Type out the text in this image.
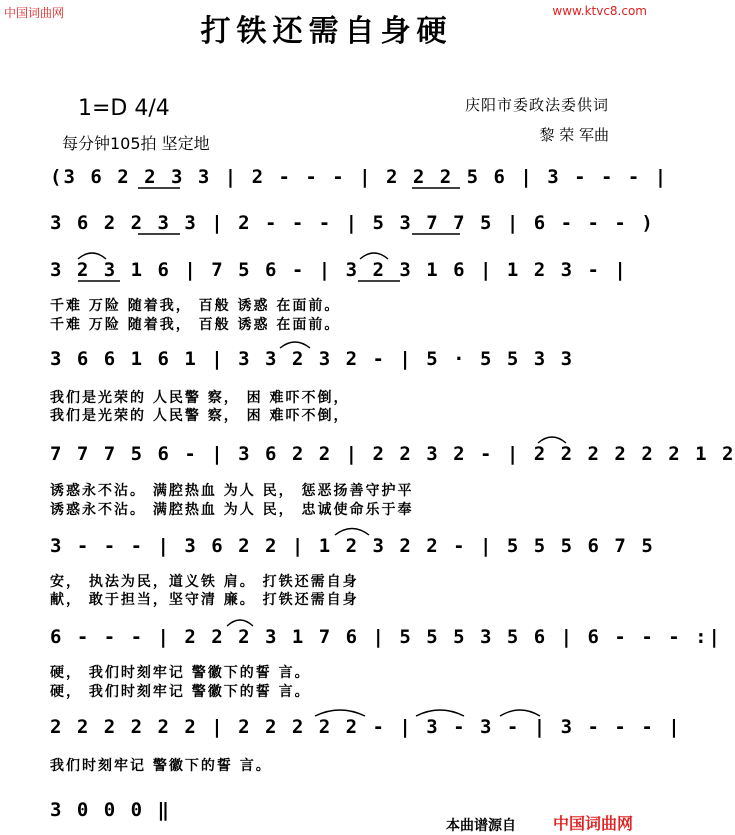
中国词曲网	www.ktvc8.com
打铁还需自身硬
1=D 4/4
每分钟105拍 坚定地
庆阳市委政法委供词
黎 荣 军曲
(3 6 2 2 3 3 | 2 - - - | 2 2 2 5 6 | 3 - - - |
3 6 2 2 3 3 | 2 - - - | 5 3 7 7 5 | 6 - - - )
3 2 3 1 6 | 7 5 6 - | 3 2 3 1 6 | 1 2 3 - |
千难 万险 随着我， 百般 诱惑 在面前。
千难 万险 随着我， 百般 诱惑 在面前。
3 6 6 1 6 1 | 3 3 2 3 2 - | 5 · 5 5 3 3
我们是光荣的 人民警 察， 困 难吓不倒，
我们是光荣的 人民警 察， 困 难吓不倒，
7 7 7 5 6 - | 3 6 2 2 | 2 2 3 2 - | 2 2 2 2 2 2 1 2
诱惑永不沾。 满腔热血 为人 民， 惩恶扬善守护平
诱惑永不沾。 满腔热血 为人 民， 忠诚使命乐于奉
3 - - - | 3 6 2 2 | 1 2 3 2 2 - | 5 5 5 6 7 5
安， 执法为民，道义铁 肩。 打铁还需自身
献， 敢于担当，坚守清 廉。 打铁还需自身
6 - - - | 2 2 2 3 1 7 6 | 5 5 5 3 5 6 | 6 - - - :|
硬， 我们时刻牢记 警徽下的誓 言。
硬， 我们时刻牢记 警徽下的誓 言。
2 2 2 2 2 2 | 2 2 2 2 2 - | 3 - 3 - | 3 - - - |
我们时刻牢记 警徽下的誓 言。
3 0 0 0 ‖
本曲谱源自 中国词曲网
